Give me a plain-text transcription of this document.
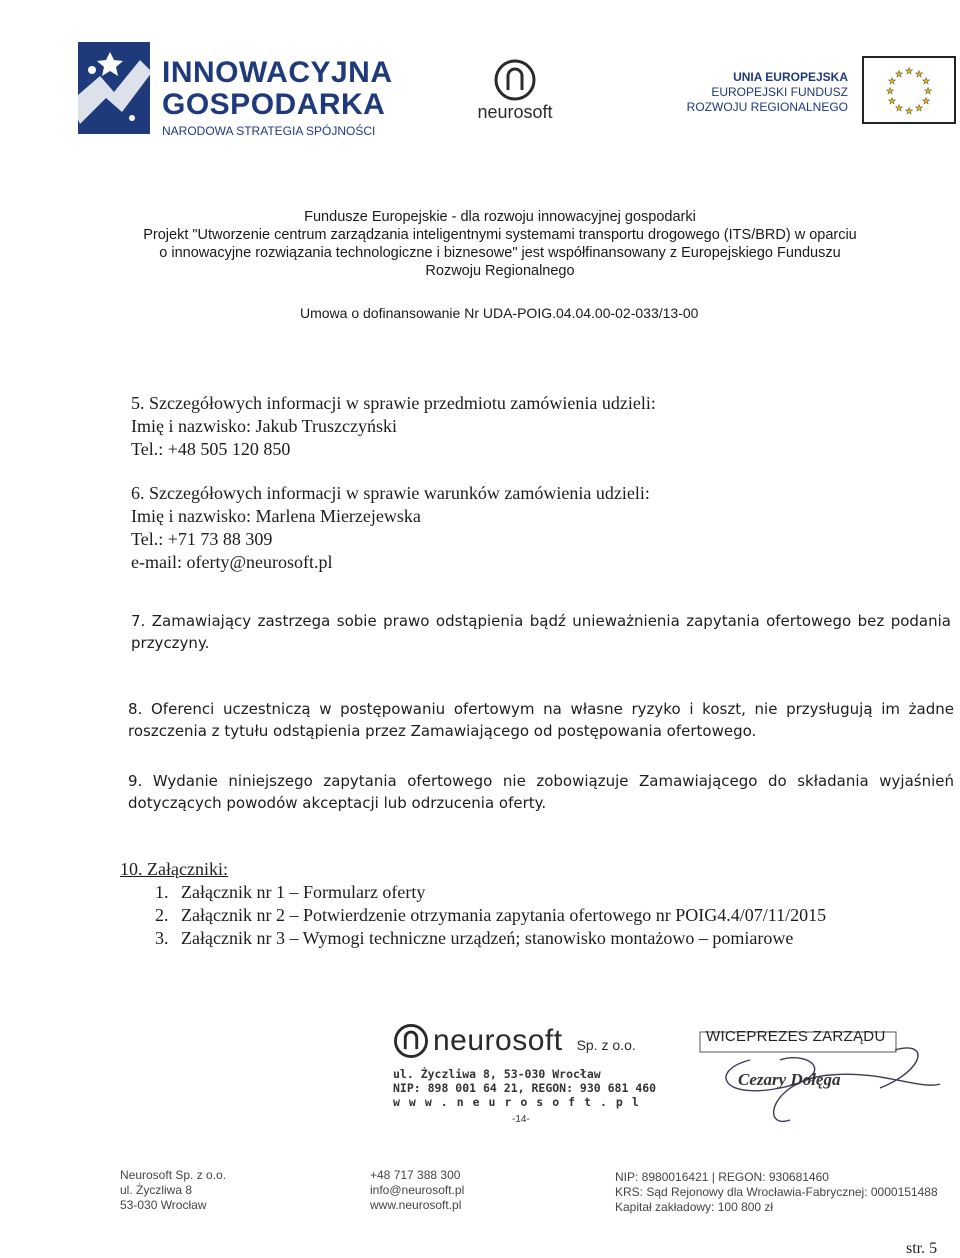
INNOWACYJNA
GOSPODARKA
NARODOWA STRATEGIA SPÓJNOŚCI
neurosoft
UNIA EUROPEJSKA
EUROPEJSKI FUNDUSZ
ROZWOJU REGIONALNEGO
★ ★
★
★
★
★
★
★
★
★
★
★

Fundusze Europejskie - dla rozwoju innowacyjnej gospodarki

Projekt "Utworzenie centrum zarządzania inteligentnymi systemami transportu drogowego (ITS/BRD) w oparciu

o innowacyjne rozwiązania technologiczne i biznesowe" jest współfinansowany z Europejskiego Funduszu

Rozwoju Regionalnego

Umowa o dofinansowanie Nr UDA-POIG.04.04.00-02-033/13-00
5. Szczegółowych informacji w sprawie przedmiotu zamówienia udzieli:
Imię i nazwisko: Jakub Truszczyński
Tel.: +48 505 120 850
6. Szczegółowych informacji w sprawie warunków zamówienia udzieli:
Imię i nazwisko: Marlena Mierzejewska
Tel.: +71 73 88 309
e-mail: oferty@neurosoft.pl
7. Zamawiający zastrzega sobie prawo odstąpienia bądź unieważnienia zapytania ofertowego bez podania przyczyny.
8. Oferenci uczestniczą w postępowaniu ofertowym na własne ryzyko i koszt, nie przysługują im żadne roszczenia z tytułu odstąpienia przez Zamawiającego od postępowania ofertowego.
9. Wydanie niniejszego zapytania ofertowego nie zobowiązuje Zamawiającego do składania wyjaśnień dotyczących powodów akceptacji lub odrzucenia oferty.
10. Załączniki:
1. Załącznik nr 1 – Formularz oferty
2. Załącznik nr 2 – Potwierdzenie otrzymania zapytania ofertowego nr POIG4.4/07/11/2015
3. Załącznik nr 3 – Wymogi techniczne urządzeń; stanowisko montażowo – pomiarowe
neurosoft Sp. z o.o.
ul. Życzliwa 8, 53-030 Wrocław
NIP: 898 001 64 21, REGON: 930 681 460
www.neurosoft.pl
-14-
WICEPREZES ZARZĄDU
Cezary Dołęga
Neurosoft Sp. z o.o.
ul. Życzliwa 8
53-030 Wrocław
+48 717 388 300
info@neurosoft.pl
www.neurosoft.pl
NIP: 8980016421 | REGON: 930681460
KRS: Sąd Rejonowy dla Wrocławia-Fabrycznej: 0000151488
Kapitał zakładowy: 100 800 zł
str. 5
